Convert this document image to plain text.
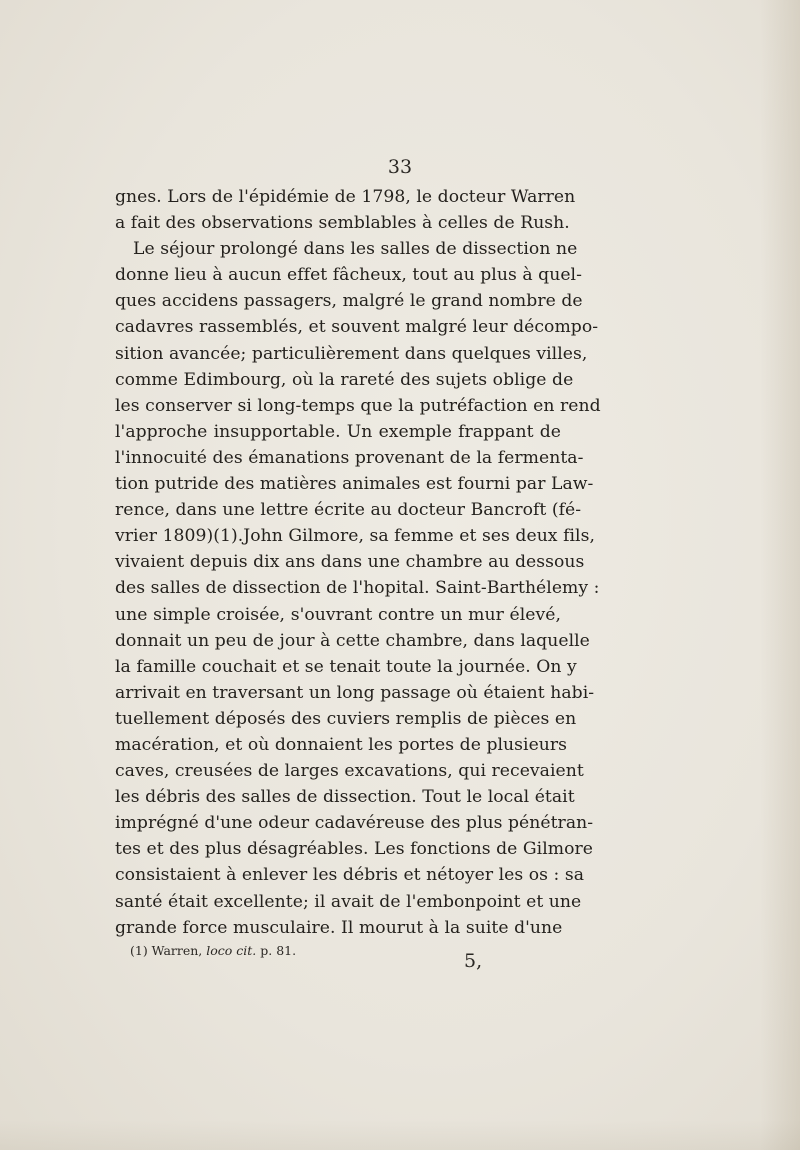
33
gnes. Lors de l'épidémie de 1798, le docteur Warren
a fait des observations semblables à celles de Rush.
Le séjour prolongé dans les salles de dissection ne
donne lieu à aucun effet fâcheux, tout au plus à quel-
ques accidens passagers, malgré le grand nombre de
cadavres rassemblés, et souvent malgré leur décompo-
sition avancée; particulièrement dans quelques villes,
comme Edimbourg, où la rareté des sujets oblige de
les conserver si long-temps que la putréfaction en rend
l'approche insupportable. Un exemple frappant de
l'innocuité des émanations provenant de la fermenta-
tion putride des matières animales est fourni par Law-
rence, dans une lettre écrite au docteur Bancroft (fé-
vrier 1809)(1).John Gilmore, sa femme et ses deux fils,
vivaient depuis dix ans dans une chambre au dessous
des salles de dissection de l'hopital. Saint-Barthélemy :
une simple croisée, s'ouvrant contre un mur élevé,
donnait un peu de jour à cette chambre, dans laquelle
la famille couchait et se tenait toute la journée. On y
arrivait en traversant un long passage où étaient habi-
tuellement déposés des cuviers remplis de pièces en
macération, et où donnaient les portes de plusieurs
caves, creusées de larges excavations, qui recevaient
les débris des salles de dissection. Tout le local était
imprégné d'une odeur cadavéreuse des plus pénétran-
tes et des plus désagréables. Les fonctions de Gilmore
consistaient à enlever les débris et nétoyer les os : sa
santé était excellente; il avait de l'embonpoint et une
grande force musculaire. Il mourut à la suite d'une
(1) Warren, loco cit. p. 81.	5,
